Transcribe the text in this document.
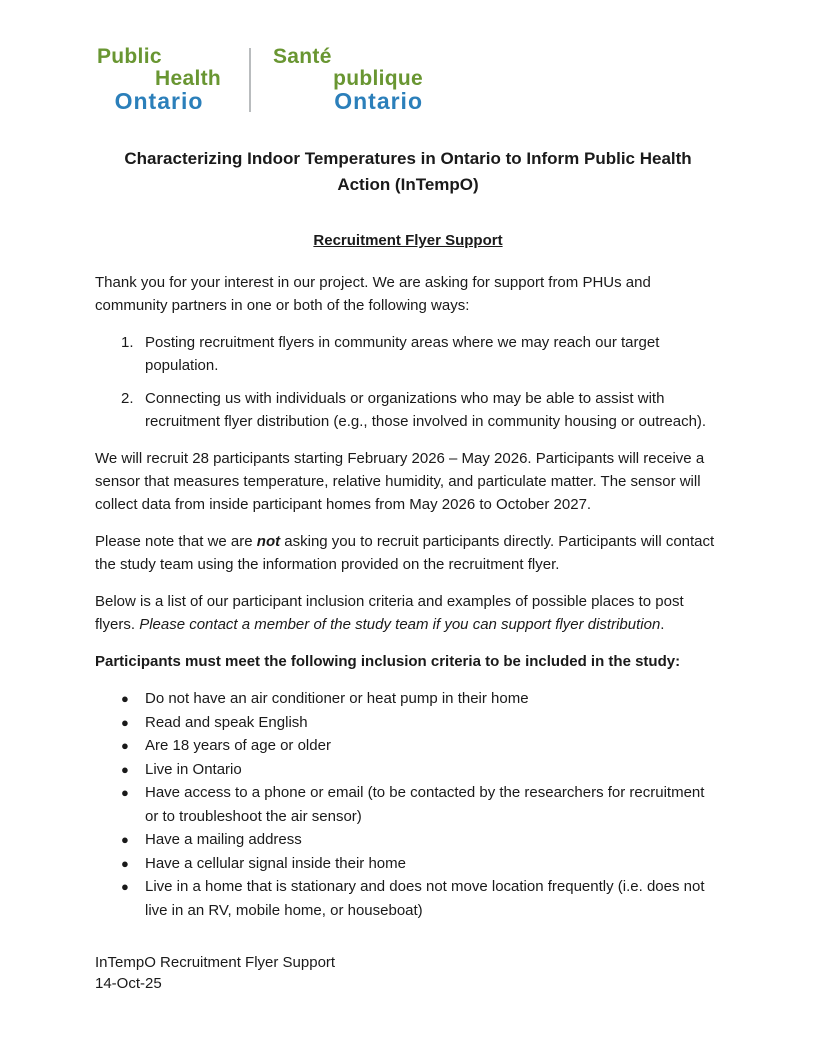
Public
Health
Ontario
Santé
publique
Ontario
Characterizing Indoor Temperatures in Ontario to Inform Public Health Action (InTempO)
Recruitment Flyer Support

Thank you for your interest in our project. We are asking for support from PHUs and community partners in one or both of the following ways:

1. Posting recruitment flyers in community areas where we may reach our target population.
2. Connecting us with individuals or organizations who may be able to assist with recruitment flyer distribution (e.g., those involved in community housing or outreach).

We will recruit 28 participants starting February 2026 – May 2026. Participants will receive a sensor that measures temperature, relative humidity, and particulate matter. The sensor will collect data from inside participant homes from May 2026 to October 2027.

Please note that we are not asking you to recruit participants directly. Participants will contact the study team using the information provided on the recruitment flyer.

Below is a list of our participant inclusion criteria and examples of possible places to post flyers. Please contact a member of the study team if you can support flyer distribution.

Participants must meet the following inclusion criteria to be included in the study:

●	Do not have an air conditioner or heat pump in their home
●	Read and speak English
●	Are 18 years of age or older
●	Live in Ontario
●	Have access to a phone or email (to be contacted by the researchers for recruitment or to troubleshoot the air sensor)
●	Have a mailing address
●	Have a cellular signal inside their home
●	Live in a home that is stationary and does not move location frequently (i.e. does not live in an RV, mobile home, or houseboat)
InTempO Recruitment Flyer Support
14-Oct-25
